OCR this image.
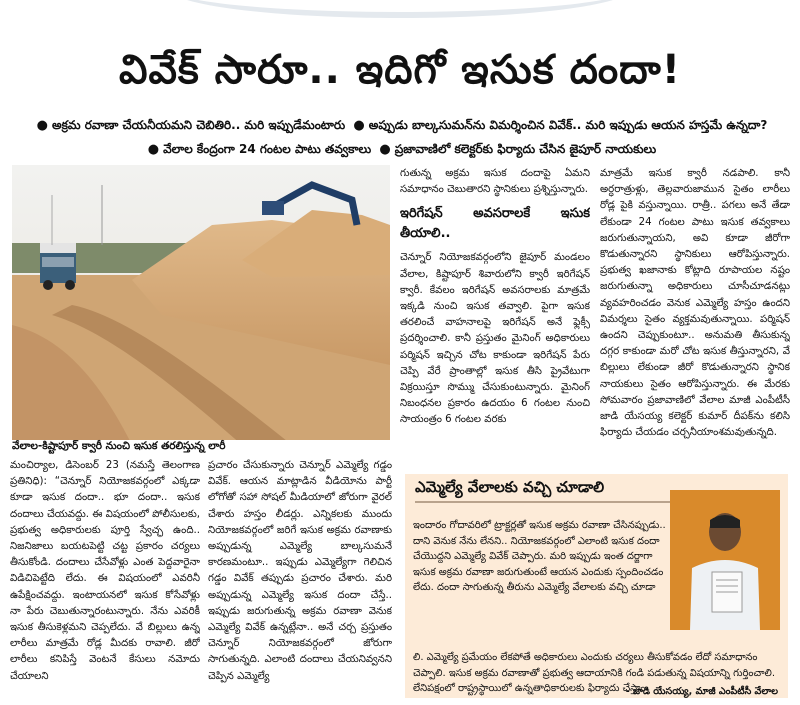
వివేక్ సారూ.. ఇదిగో ఇసుక దందా!
● అక్రమ రవాణా చేయనీయమని చెబితిరి.. మరి ఇప్పుడేమంటారు ● అప్పుడు బాల్కసుమన్‌ను విమర్శించిన వివేక్.. మరి ఇప్పుడు ఆయన హస్తమే ఉన్నదా?
● వేలాల కేంద్రంగా 24 గంటల పాటు తవ్వకాలు ● ప్రజావాణిలో కలెక్టర్‌కు ఫిర్యాదు చేసిన జైపూర్ నాయకులు
వేలాల-కిష్టాపూర్ క్వారీ నుంచి ఇసుక తరలిస్తున్న లారీ

మంచిర్యాల, డిసెంబర్ 23 (నమస్తే తెలంగాణ ప్రతినిధి): “చెన్నూర్ నియోజకవర్గంలో ఎక్కడా కూడా ఇసుక దందా.. భూ దందా.. ఇసుక దందాలు చేయవద్దు. ఈ విషయంలో పోలీసులకు, ప్రభుత్వ అధికారులకు పూర్తి స్వేచ్ఛ ఉంది.. నిజనిజాలు బయటపెట్టి చట్ట ప్రకారం చర్యలు తీసుకోండి. దందాలు చేసేవోళ్లు ఎంత పెద్దవారైనా విడిచిపెట్టేది లేదు. ఈ విషయంలో ఎవరినీ ఉపేక్షించవద్దు. ఇంటాయనలో ఇసుక కోసేవోళ్లు నా పేరు చెబుతున్నారంటున్నారు. నేను ఎవరికీ ఇసుక తీసుకెళ్లమని చెప్పలేదు. వే బిల్లులు ఉన్న లారీలు మాత్రమే రోడ్ల మీదకు రావాలి. జీరో లారీలు కనిపిస్తే వెంటనే కేసులు నమోదు చేయాలని

ప్రచారం చేసుకున్నారు చెన్నూర్ ఎమ్మెల్యే గడ్డం వివేక్. ఆయన మాట్లాడిన వీడియోను పార్టీ లోగోతో సహా సోషల్ మీడియాలో జోరుగా వైరల్ చేశారు హస్తం లీడర్లు. ఎన్నికలకు ముందు నియోజకవర్గంలో జరిగే ఇసుక అక్రమ రవాణాకు అప్పుడున్న ఎమ్మెల్యే బాల్కసుమనే కారణమంటూ.. ఇప్పుడు ఎమ్మెల్యేగా గెలిచిన గడ్డం వివేక్ తప్పుడు ప్రచారం చేశారు. మరి అప్పుడున్న ఎమ్మెల్యే ఇసుక దందా చేస్తే.. ఇప్పుడు జరుగుతున్న అక్రమ రవాణా వెనుక ఎమ్మెల్యే వివేక్ ఉన్నట్లేనా.. అనే చర్చ ప్రస్తుతం చెన్నూర్ నియోజకవర్గంలో జోరుగా సాగుతున్నది. ఎలాంటి దందాలు చేయనివ్వనని చెప్పిన ఎమ్మెల్యే

గుతున్న అక్రమ ఇసుక దందాపై ఏమని సమాధానం చెబుతారని స్థానికులు ప్రశ్నిస్తున్నారు.

ఇరిగేషన్ అవసరాలకే ఇసుక తీయాలి..

చెన్నూర్ నియోజకవర్గంలోని జైపూర్ మండలం వేలాల, కిష్టాపూర్ శివారులోని క్వారీ ఇరిగేషన్ క్వారీ. కేవలం ఇరిగేషన్ అవసరాలకు మాత్రమే ఇక్కడి నుంచి ఇసుక తవ్వాలి. పైగా ఇసుక తరలించే వాహనాలపై ఇరిగేషన్ అనే ఫ్లెక్సీ ప్రదర్శించాలి. కానీ ప్రస్తుతం మైనింగ్ అధికారులు పర్మిషన్ ఇచ్చిన చోట కాకుండా ఇరిగేషన్ పేరు చెప్పి వేరే ప్రాంతాల్లో ఇసుక తీసి ప్రైవేటుగా విక్రయిస్తూ సొమ్ము చేసుకుంటున్నారు. మైనింగ్ నిబంధనల ప్రకారం ఉదయం 6 గంటల నుంచి సాయంత్రం 6 గంటల వరకు

మాత్రమే ఇసుక క్వారీ నడపాలి. కానీ అర్ధరాత్రుళ్లు, తెల్లవారుజామున సైతం లారీలు రోడ్ల పైకి వస్తున్నాయి. రాత్రీ.. పగలు అనే తేడా లేకుండా 24 గంటల పాటు ఇసుక తవ్వకాలు జరుగుతున్నాయని, అవి కూడా జీరోగా కొడుతున్నారని స్థానికులు ఆరోపిస్తున్నారు. ప్రభుత్వ ఖజానాకు కోట్లాది రూపాయల నష్టం జరుగుతున్నా అధికారులు చూసీచూడనట్లు వ్యవహరించడం వెనుక ఎమ్మెల్యే హస్తం ఉందని విమర్శలు సైతం వ్యక్తమవుతున్నాయి. పర్మిషన్ ఉందని చెప్పుకుంటూ.. అనుమతి తీసుకున్న దగ్గర కాకుండా మరో చోట ఇసుక తీస్తున్నారని, వే బిల్లులు లేకుండా జీరో కొడుతున్నారని స్థానిక నాయకులు సైతం ఆరోపిస్తున్నారు. ఈ మేరకు సోమవారం ప్రజావాణిలో వేలాల మాజీ ఎంపీటీసీ జాడి యేసయ్య కలెక్టర్ కుమార్ దీపక్‌ను కలిసి ఫిర్యాదు చేయడం చర్చనీయాంశమవుతున్నది.

ఎమ్మెల్యే వేలాలకు వచ్చి చూడాలి
ఇందారం గోదావరిలో ట్రాక్టర్లతో ఇసుక అక్రమ రవాణా చేసినప్పుడు.. దాని వెనుక నేను లేనని.. నియోజకవర్గంలో ఎలాంటి ఇసుక దందా చేయొద్దని ఎమ్మెల్యే వివేక్ చెప్పారు. మరి ఇప్పుడు ఇంత దర్జాగా ఇసుక అక్రమ రవాణా జరుగుతుంటే ఆయన ఎందుకు స్పందించడం లేదు. దందా సాగుతున్న తీరును ఎమ్మెల్యే వేలాలకు వచ్చి చూడా
లి. ఎమ్మెల్యే ప్రమేయం లేకపోతే అధికారులు ఎందుకు చర్యలు తీసుకోవడం లేదో సమాధానం చెప్పాలి. ఇసుక అక్రమ రవాణాతో ప్రభుత్వ ఆదాయానికి గండి పడుతున్న విషయాన్ని గుర్తించాలి. లేనిపక్షంలో రాష్ట్రస్థాయిలో ఉన్నతాధికారులకు ఫిర్యాదు చేస్తాం.
- జాడి యేసయ్య, మాజీ ఎంపీటీసీ వేలాల
